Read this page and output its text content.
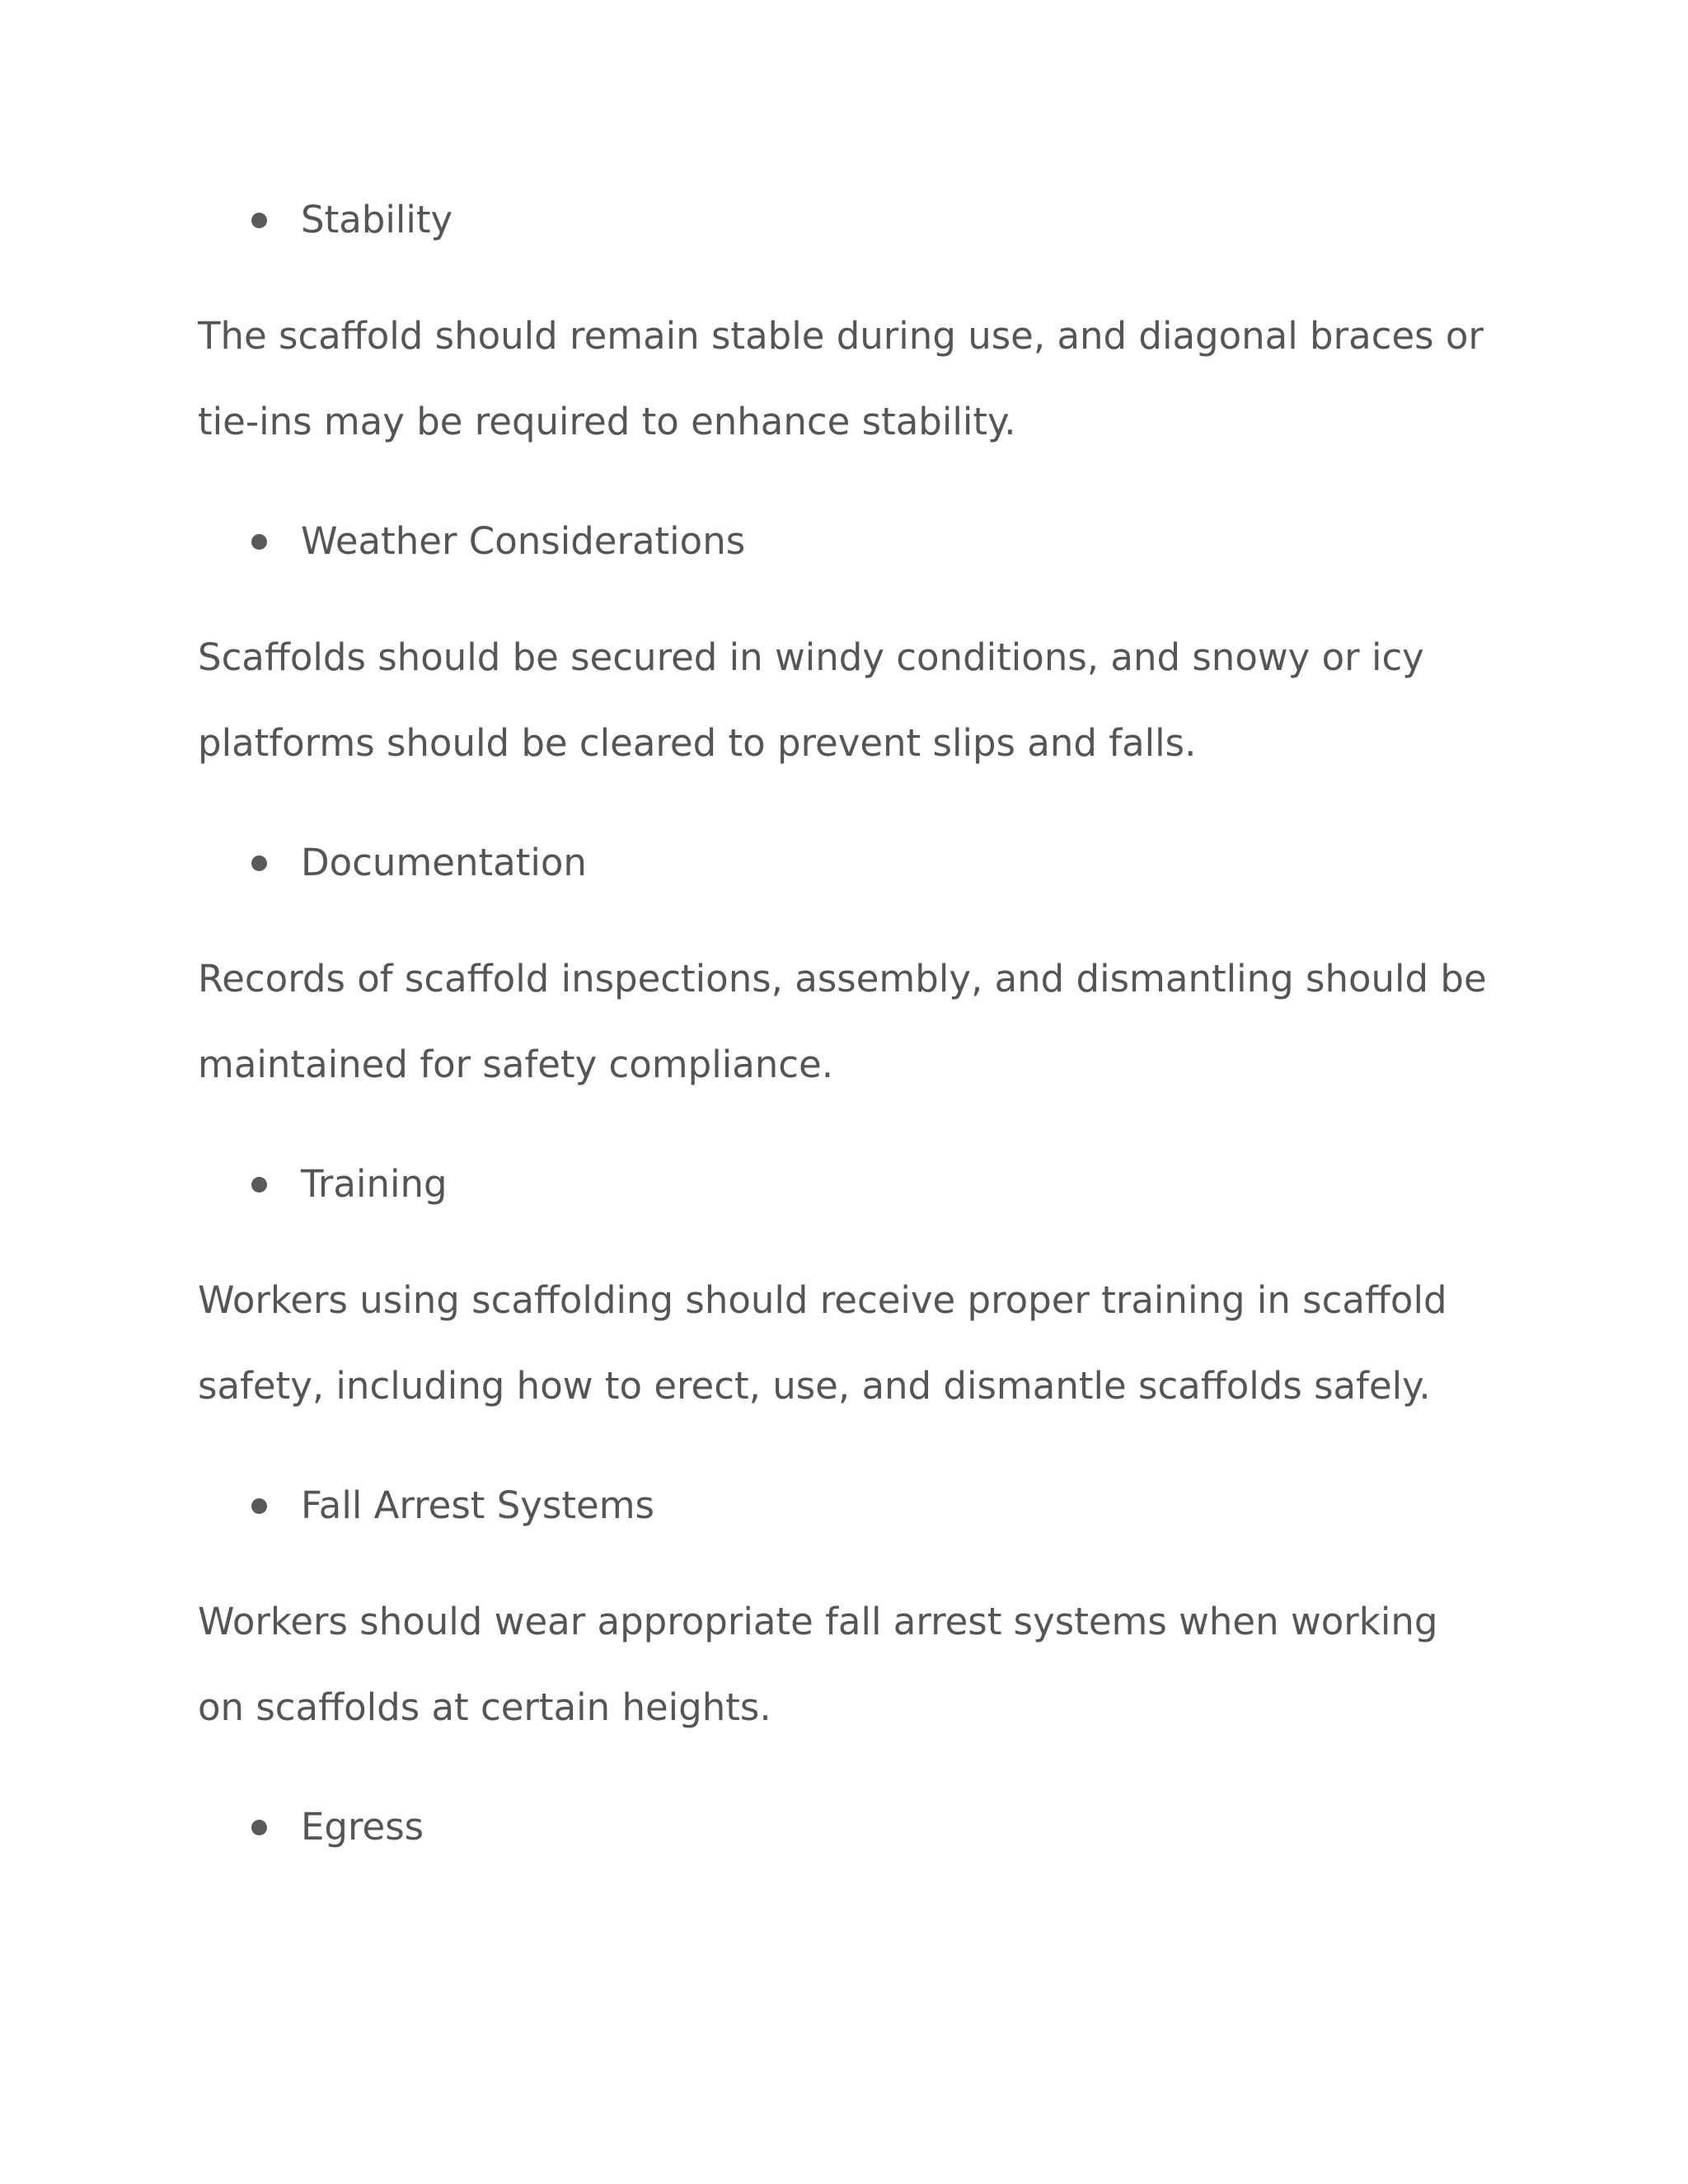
Stability
The scaffold should remain stable during use, and diagonal braces or
tie-ins may be required to enhance stability.
Weather Considerations
Scaffolds should be secured in windy conditions, and snowy or icy
platforms should be cleared to prevent slips and falls.
Documentation
Records of scaffold inspections, assembly, and dismantling should be
maintained for safety compliance.
Training
Workers using scaffolding should receive proper training in scaffold
safety, including how to erect, use, and dismantle scaffolds safely.
Fall Arrest Systems
Workers should wear appropriate fall arrest systems when working
on scaffolds at certain heights.
Egress
